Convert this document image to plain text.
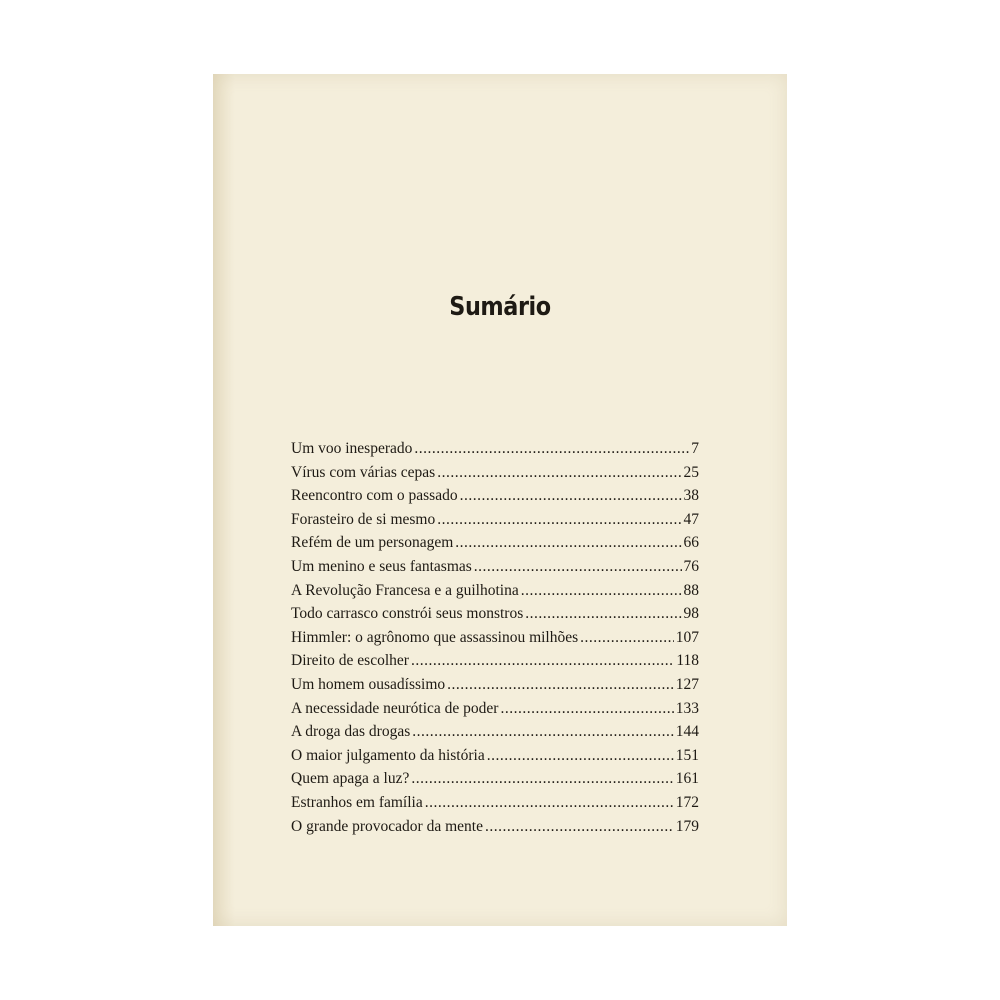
Sumário
Um voo inesperado .....	7
Vírus com várias cepas .....	25
Reencontro com o passado .....	38
Forasteiro de si mesmo .....	47
Refém de um personagem .....	66
Um menino e seus fantasmas .....	76
A Revolução Francesa e a guilhotina .....	88
Todo carrasco constrói seus monstros .....	98
Himmler: o agrônomo que assassinou milhões .....	107
Direito de escolher .....	118
Um homem ousadíssimo .....	127
A necessidade neurótica de poder .....	133
A droga das drogas .....	144
O maior julgamento da história .....	151
Quem apaga a luz? .....	161
Estranhos em família .....	172
O grande provocador da mente .....	179
